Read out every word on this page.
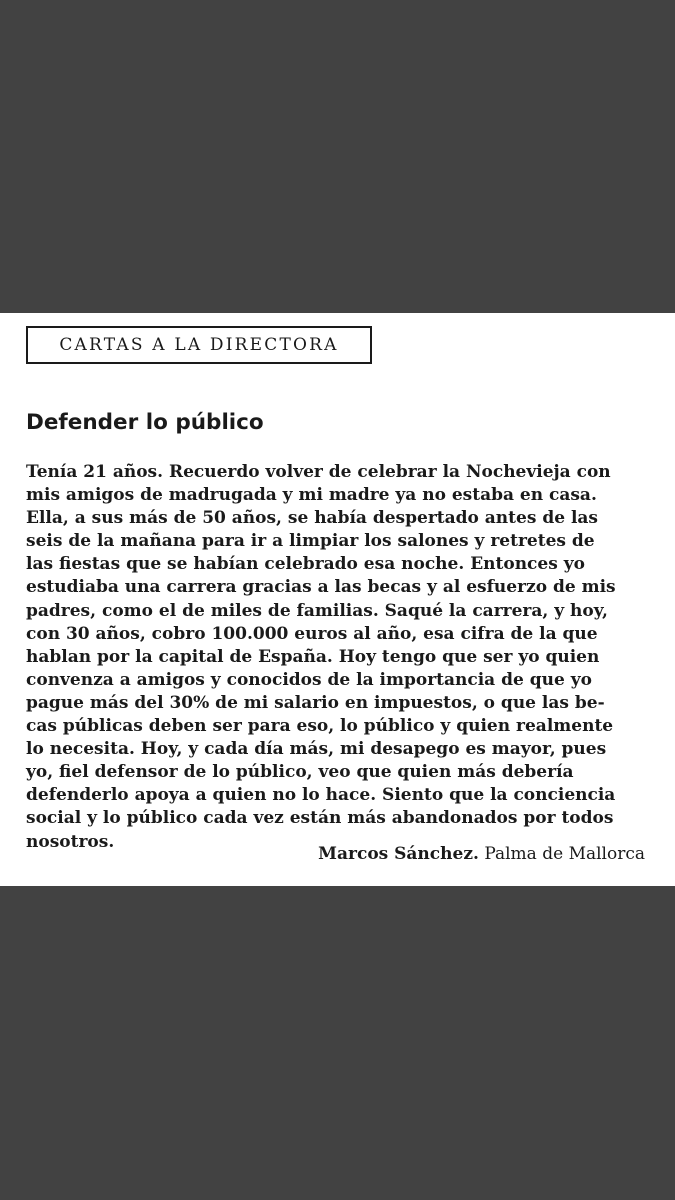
CARTAS A LA DIRECTORA
Defender lo público
Tenía 21 años. Recuerdo volver de celebrar la Nochevieja con
mis amigos de madrugada y mi madre ya no estaba en casa.
Ella, a sus más de 50 años, se había despertado antes de las
seis de la mañana para ir a limpiar los salones y retretes de
las fiestas que se habían celebrado esa noche. Entonces yo
estudiaba una carrera gracias a las becas y al esfuerzo de mis
padres, como el de miles de familias. Saqué la carrera, y hoy,
con 30 años, cobro 100.000 euros al año, esa cifra de la que
hablan por la capital de España. Hoy tengo que ser yo quien
convenza a amigos y conocidos de la importancia de que yo
pague más del 30% de mi salario en impuestos, o que las be-
cas públicas deben ser para eso, lo público y quien realmente
lo necesita. Hoy, y cada día más, mi desapego es mayor, pues
yo, fiel defensor de lo público, veo que quien más debería
defenderlo apoya a quien no lo hace. Siento que la conciencia
social y lo público cada vez están más abandonados por todos
nosotros.
Marcos Sánchez. Palma de Mallorca
